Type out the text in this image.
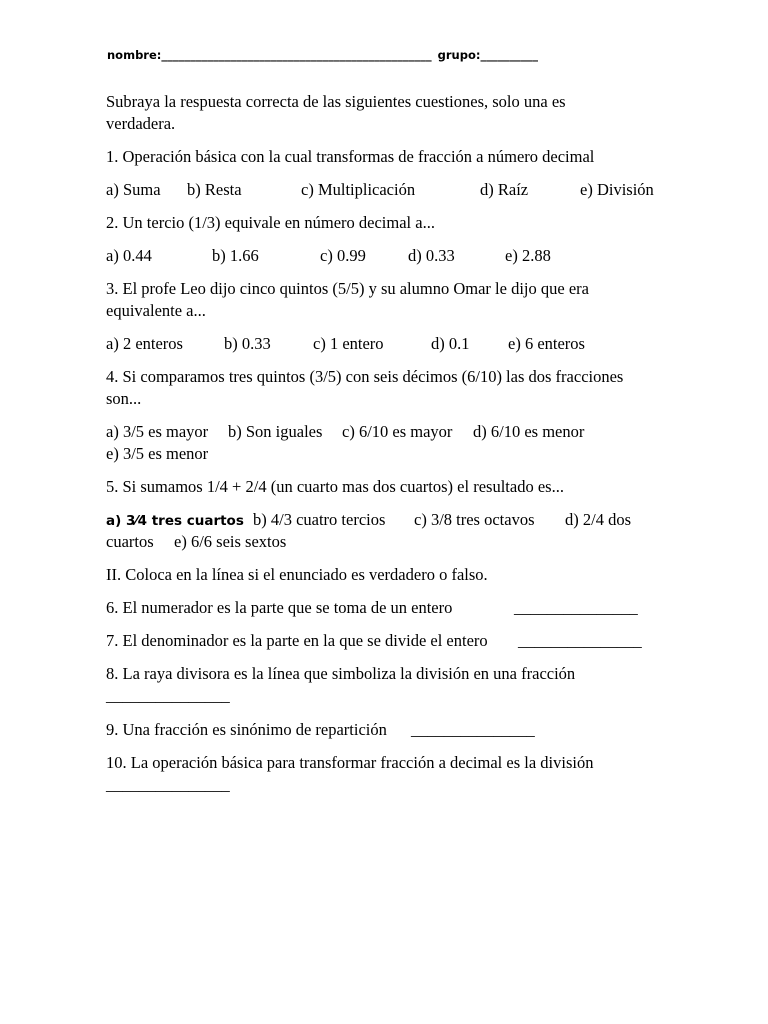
nombre:_______________________________________________ grupo:__________
Subraya la respuesta correcta de las siguientes cuestiones, solo una es
verdadera.
1. Operación básica con la cual transformas de fracción a número decimal
a) Suma b) Resta	c) Multiplicación	d) Raíz	e) División
2. Un tercio (1/3) equivale en número decimal a...
a) 0.44	b) 1.66	c) 0.99	d) 0.33	e) 2.88
3. El profe Leo dijo cinco quintos (5/5) y su alumno Omar le dijo que era
equivalente a...
a) 2 enteros b) 0.33	c) 1 entero	d) 0.1 e) 6 enteros
4. Si comparamos tres quintos (3/5) con seis décimos (6/10) las dos fracciones
son...
a) 3/5 es mayor b) Son iguales c) 6/10 es mayor d) 6/10 es menor
e) 3/5 es menor
5. Si sumamos 1/4 + 2/4 (un cuarto mas dos cuartos) el resultado es...
a) 3⁄4 tres cuartos b) 4/3 cuatro tercios c) 3/8 tres octavos d) 2/4 dos
cuartos e) 6/6 seis sextos
II. Coloca en la línea si el enunciado es verdadero o falso.
6. El numerador es la parte que se toma de un entero	_______________
7. El denominador es la parte en la que se divide el entero _______________
8. La raya divisora es la línea que simboliza la división en una fracción
_______________
9. Una fracción es sinónimo de repartición _______________
10. La operación básica para transformar fracción a decimal es la división
_______________
